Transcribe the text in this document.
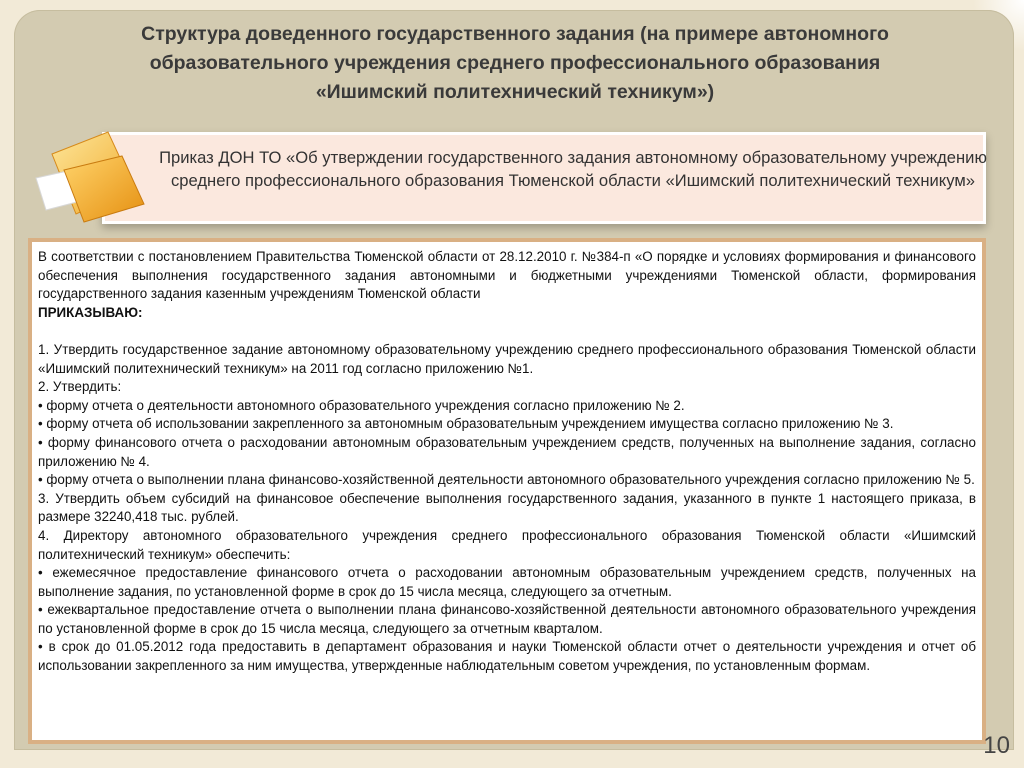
Структура доведенного государственного задания (на примере автономного
образовательного учреждения среднего профессионального образования
«Ишимский политехнический техникум»)
Приказ ДОН ТО «Об утверждении государственного задания автономному образовательному учреждению среднего профессионального образования Тюменской области «Ишимский политехнический техникум»

В соответствии с постановлением Правительства Тюменской области от 28.12.2010 г. №384-п «О порядке и условиях формирования и финансового обеспечения выполнения государственного задания автономными и бюджетными учреждениями Тюменской области, формирования государственного задания казенным учреждениям Тюменской области

ПРИКАЗЫВАЮ:

1. Утвердить государственное задание автономному образовательному учреждению среднего профессионального образования Тюменской области «Ишимский политехнический техникум» на 2011 год согласно приложению №1.

2. Утвердить:

• форму отчета о деятельности автономного образовательного учреждения согласно приложению № 2.

• форму отчета об использовании закрепленного за автономным образовательным учреждением имущества согласно приложению № 3.

• форму финансового отчета о расходовании автономным образовательным учреждением средств, полученных на выполнение задания, согласно приложению № 4.

• форму отчета о выполнении плана финансово-хозяйственной деятельности автономного образовательного учреждения согласно приложению № 5.

3. Утвердить объем субсидий на финансовое обеспечение выполнения государственного задания, указанного в пункте 1 настоящего приказа, в размере 32240,418 тыс. рублей.

4. Директору автономного образовательного учреждения среднего профессионального образования Тюменской области «Ишимский политехнический техникум» обеспечить:

• ежемесячное предоставление финансового отчета о расходовании автономным образовательным учреждением средств, полученных на выполнение задания, по установленной форме в срок до 15 числа месяца, следующего за отчетным.

• ежеквартальное предоставление отчета о выполнении плана финансово-хозяйственной деятельности автономного образовательного учреждения по установленной форме в срок до 15 числа месяца, следующего за отчетным кварталом.

• в срок до 01.05.2012 года предоставить в департамент образования и науки Тюменской области отчет о деятельности учреждения и отчет об использовании закрепленного за ним имущества, утвержденные наблюдательным советом учреждения, по установленным формам.

10
